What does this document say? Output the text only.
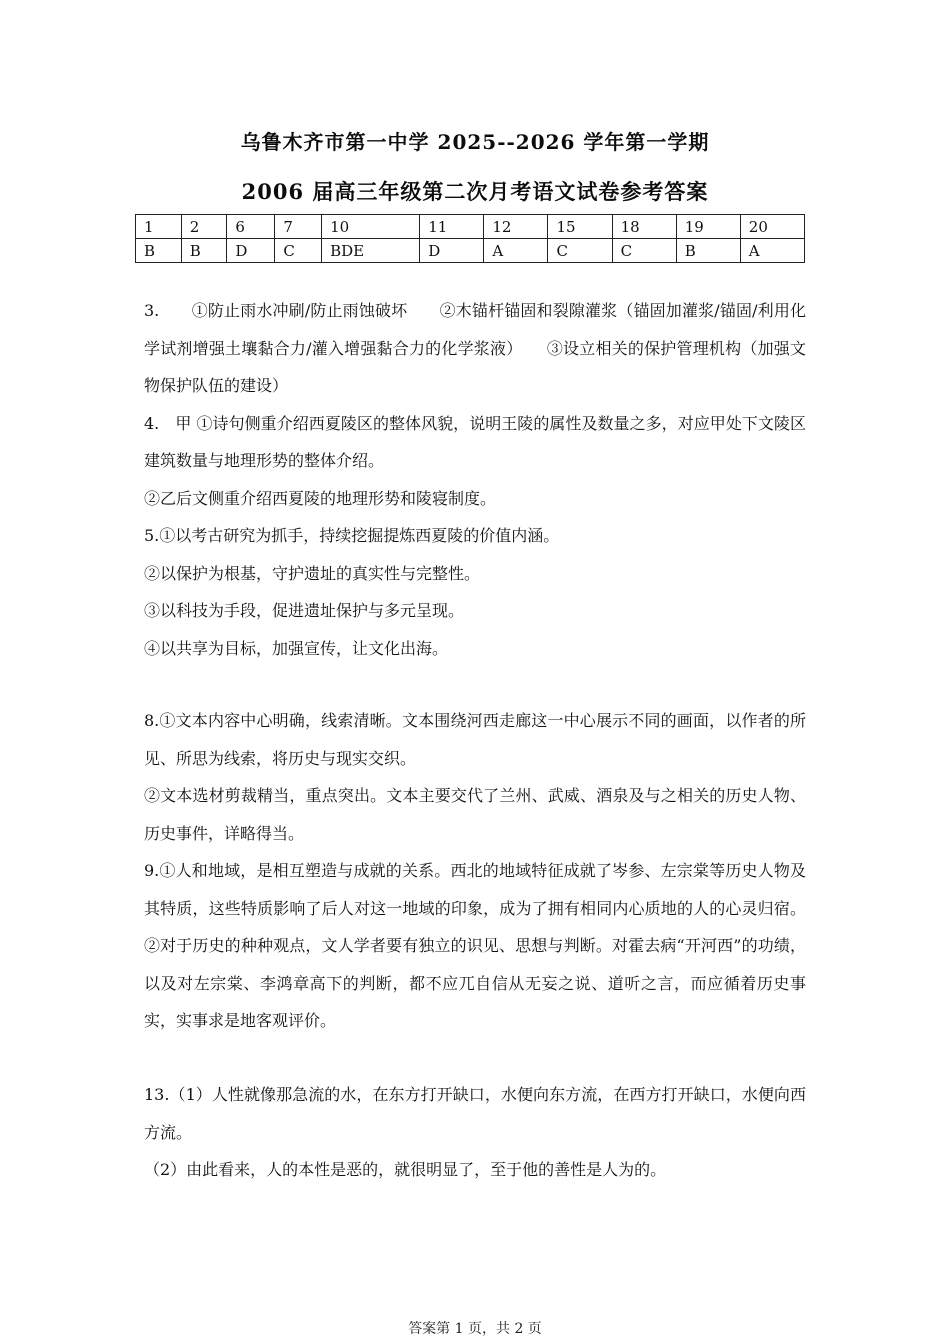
乌鲁木齐市第一中学 2025--2026 学年第一学期
2006 届高三年级第二次月考语文试卷参考答案
1	2	6	7	10	11	12	15	18	19	20
B	B	D	C	BDE	D	A	C	C	B	A

3.　　①防止雨水冲刷/防止雨蚀破坏　　②木锚杆锚固和裂隙灌浆（锚固加灌浆/锚固/利用化学试剂增强土壤黏合力/灌入增强黏合力的化学浆液）　　③设立相关的保护管理机构（加强文物保护队伍的建设）

4.　甲 ①诗句侧重介绍西夏陵区的整体风貌，说明王陵的属性及数量之多，对应甲处下文陵区建筑数量与地理形势的整体介绍。

②乙后文侧重介绍西夏陵的地理形势和陵寝制度。

5.①以考古研究为抓手，持续挖掘提炼西夏陵的价值内涵。

②以保护为根基，守护遗址的真实性与完整性。

③以科技为手段，促进遗址保护与多元呈现。

④以共享为目标，加强宣传，让文化出海。

8.①文本内容中心明确，线索清晰。文本围绕河西走廊这一中心展示不同的画面，以作者的所见、所思为线索，将历史与现实交织。

②文本选材剪裁精当，重点突出。文本主要交代了兰州、武威、酒泉及与之相关的历史人物、历史事件，详略得当。

9.①人和地域，是相互塑造与成就的关系。西北的地域特征成就了岑参、左宗棠等历史人物及其特质，这些特质影响了后人对这一地域的印象，成为了拥有相同内心质地的人的心灵归宿。②对于历史的种种观点，文人学者要有独立的识见、思想与判断。对霍去病“开河西”的功绩，以及对左宗棠、李鸿章高下的判断，都不应兀自信从无妄之说、道听之言，而应循着历史事实，实事求是地客观评价。

13.（1）人性就像那急流的水，在东方打开缺口，水便向东方流，在西方打开缺口，水便向西方流。

（2）由此看来，人的本性是恶的，就很明显了，至于他的善性是人为的。

答案第 1 页，共 2 页
